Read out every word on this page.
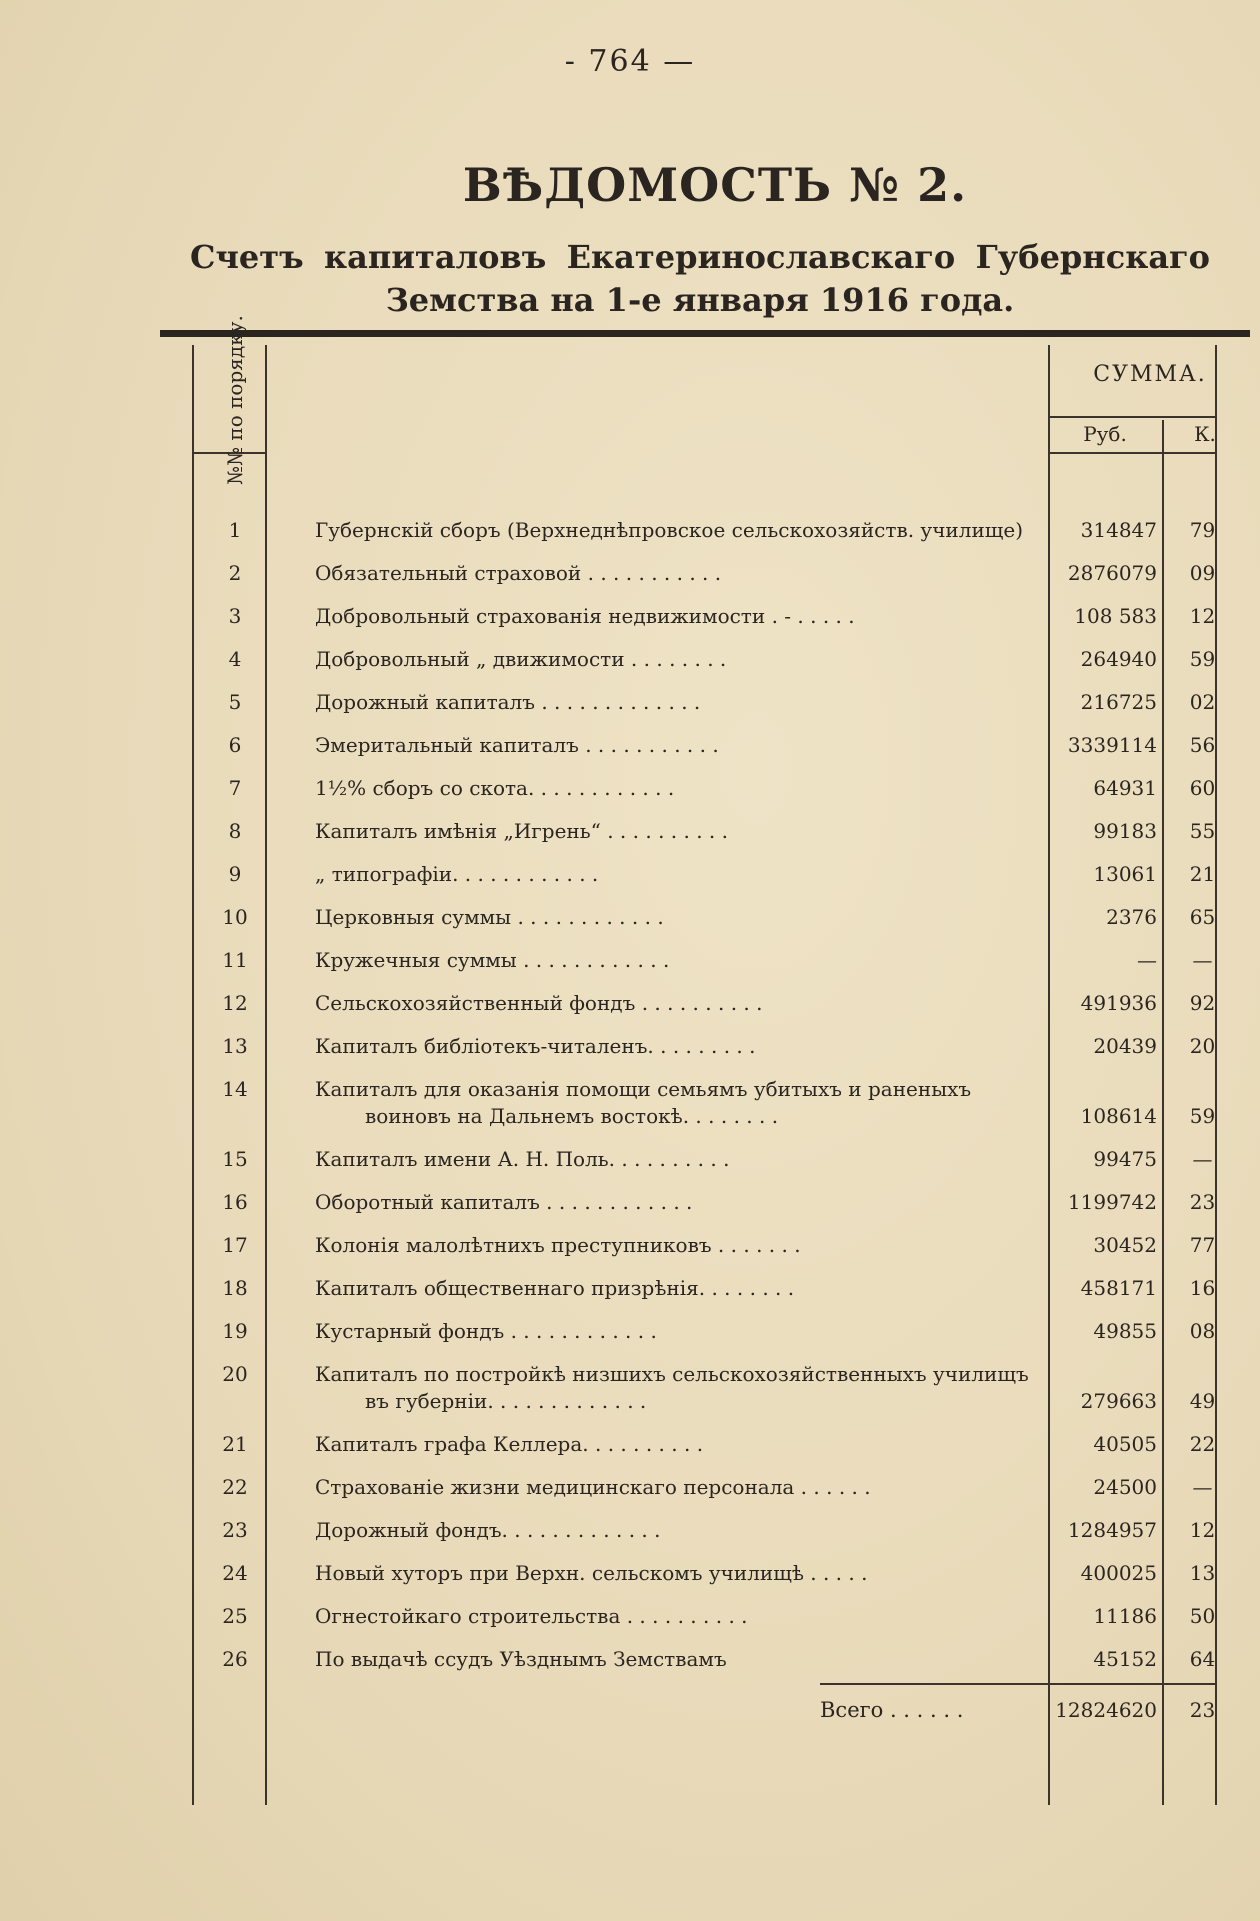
- 764 —
ВѢДОМОСТЬ № 2.
Счетъ капиталовъ Екатеринославскаго Губернскаго Земства на 1-е января 1916 года.
№№ по порядку.	СУММА.
Руб.	К.
1	Губернскій сборъ (Верхнеднѣпровское сельскохозяйств. училище)	314847	79
2	Обязательный страховой . . . . . . . . . . .	2876079	09
3	Добровольный страхованія недвижимости . - . . . . .	108 583	12
4	Добровольный „ движимости . . . . . . . .	264940	59
5	Дорожный капиталъ . . . . . . . . . . . . .	216725	02
6	Эмеритальный капиталъ . . . . . . . . . . .	3339114	56
7	1½% сборъ со скота. . . . . . . . . . . .	64931	60
8	Капиталъ имѣнія „Игрень“ . . . . . . . . . .	99183	55
9	„ типографіи. . . . . . . . . . . .	13061	21
10	Церковныя суммы . . . . . . . . . . . .	2376	65
11	Кружечныя суммы . . . . . . . . . . . .	—	—
12	Сельскохозяйственный фондъ . . . . . . . . . .	491936	92
13	Капиталъ библіотекъ-читаленъ. . . . . . . . .	20439	20
14	Капиталъ для оказанія помощи семьямъ убитыхъ и раненыхъ
воиновъ на Дальнемъ востокѣ. . . . . . . .	108614	59
15	Капиталъ имени А. Н. Поль. . . . . . . . . .	99475	—
16	Оборотный капиталъ . . . . . . . . . . . .	1199742	23
17	Колонія малолѣтнихъ преступниковъ . . . . . . .	30452	77
18	Капиталъ общественнаго призрѣнія. . . . . . . .	458171	16
19	Кустарный фондъ . . . . . . . . . . . .	49855	08
20	Капиталъ по постройкѣ низшихъ сельскохозяйственныхъ училищъ
въ губерніи. . . . . . . . . . . . .	279663	49
21	Капиталъ графа Келлера. . . . . . . . . .	40505	22
22	Страхованіе жизни медицинскаго персонала . . . . . .	24500	—
23	Дорожный фондъ. . . . . . . . . . . . .	1284957	12
24	Новый хуторъ при Верхн. сельскомъ училищѣ . . . . .	400025	13
25	Огнестойкаго строительства . . . . . . . . . .	11186	50
26	По выдачѣ ссудъ Уѣзднымъ Земствамъ	45152	64
Всего . . . . . .	12824620	23
